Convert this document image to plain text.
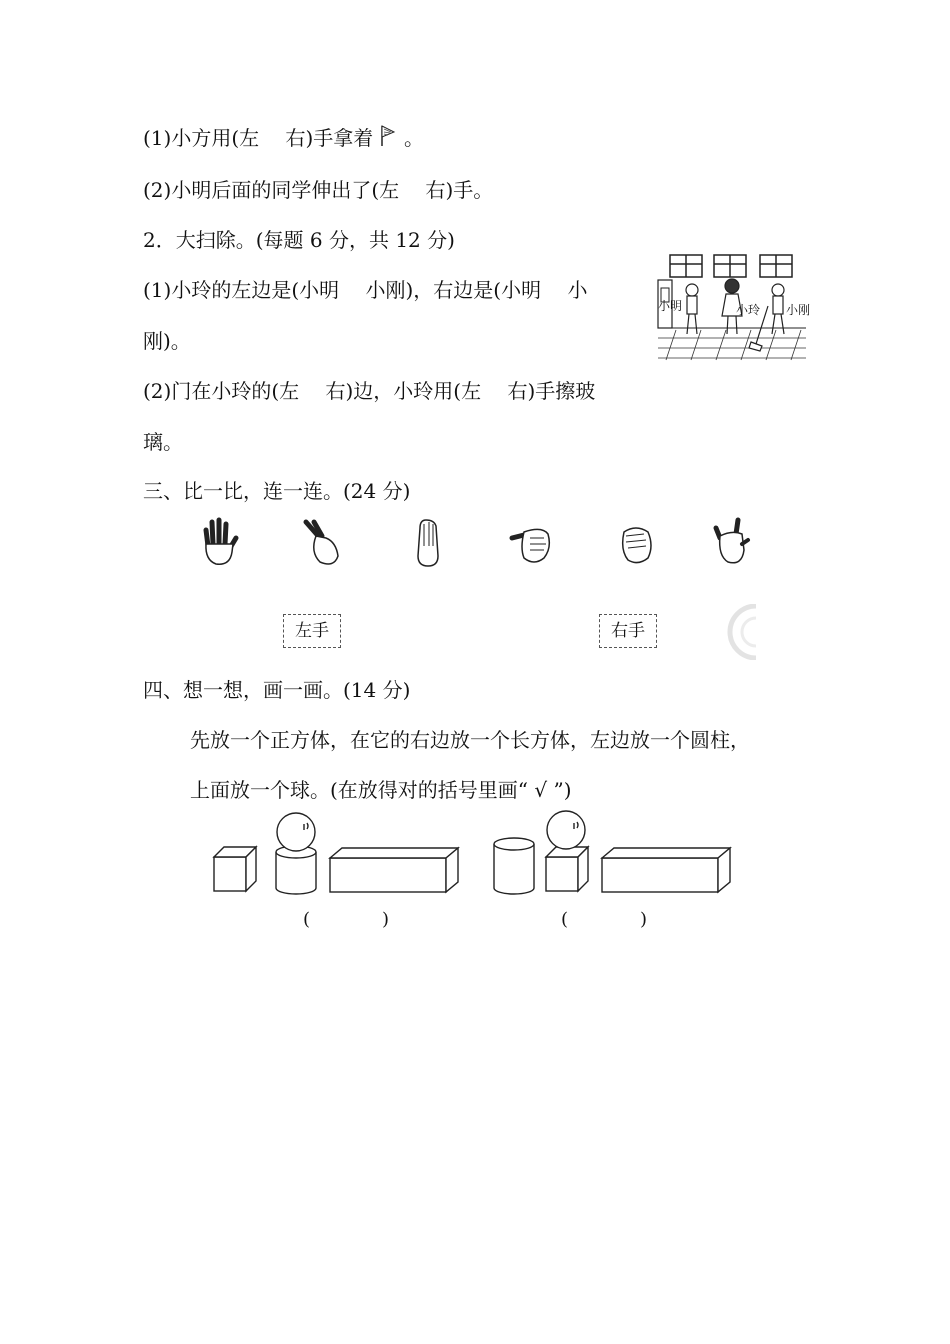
(1)小方用(左　 右)手拿着 。
(2)小明后面的同学伸出了(左　 右)手。
2．大扫除。(每题 6 分，共 12 分)
(1)小玲的左边是(小明　 小刚)，右边是(小明　 小
刚)。
(2)门在小玲的(左　 右)边，小玲用(左　 右)手擦玻
璃。
小明	小玲 小刚
三、比一比，连一连。(24 分)
左手	右手
四、想一想，画一画。(14 分)
先放一个正方体，在它的右边放一个长方体，左边放一个圆柱，
上面放一个球。(在放得对的括号里画“ √ ”)
(　　　　)	(　　　　)
